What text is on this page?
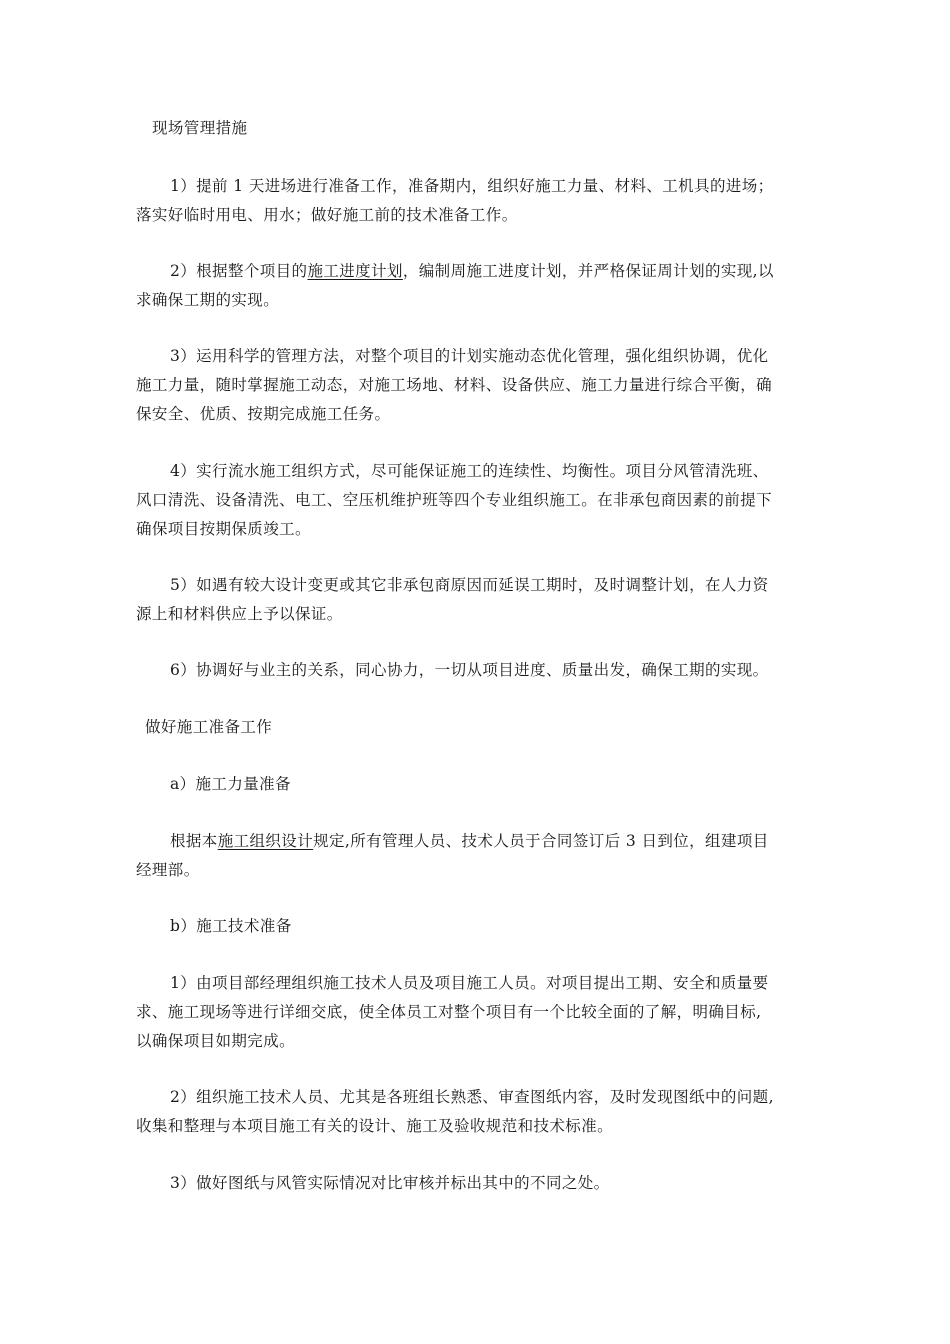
现场管理措施
1）提前 1 天进场进行准备工作，准备期内，组织好施工力量、材料、工机具的进场；
落实好临时用电、用水；做好施工前的技术准备工作。
2）根据整个项目的施工进度计划，编制周施工进度计划，并严格保证周计划的实现,以
求确保工期的实现。
3）运用科学的管理方法，对整个项目的计划实施动态优化管理，强化组织协调，优化
施工力量，随时掌握施工动态，对施工场地、材料、设备供应、施工力量进行综合平衡，确
保安全、优质、按期完成施工任务。
4）实行流水施工组织方式，尽可能保证施工的连续性、均衡性。项目分风管清洗班、
风口清洗、设备清洗、电工、空压机维护班等四个专业组织施工。在非承包商因素的前提下
确保项目按期保质竣工。
5）如遇有较大设计变更或其它非承包商原因而延误工期时，及时调整计划，在人力资
源上和材料供应上予以保证。
6）协调好与业主的关系，同心协力，一切从项目进度、质量出发，确保工期的实现。
做好施工准备工作
a）施工力量准备
根据本施工组织设计规定,所有管理人员、技术人员于合同签订后 3 日到位，组建项目
经理部。
b）施工技术准备
1）由项目部经理组织施工技术人员及项目施工人员。对项目提出工期、安全和质量要
求、施工现场等进行详细交底，使全体员工对整个项目有一个比较全面的了解，明确目标,
以确保项目如期完成。
2）组织施工技术人员、尤其是各班组长熟悉、审查图纸内容，及时发现图纸中的问题,
收集和整理与本项目施工有关的设计、施工及验收规范和技术标准。
3）做好图纸与风管实际情况对比审核并标出其中的不同之处。
